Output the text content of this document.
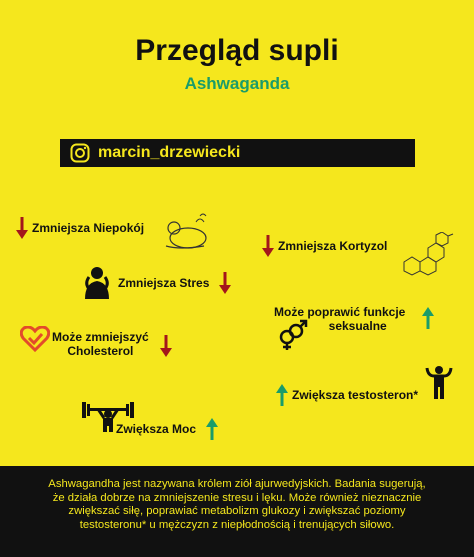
Przegląd supli
Ashwaganda
marcin_drzewiecki
Zmniejsza Niepokój
Zmniejsza Kortyzol
Zmniejsza Stres
Może poprawić funkcje
seksualne
Może zmniejszyć
Cholesterol
Zwiększa testosteron*
Zwiększa Moc
Ashwagandha jest nazywana królem ziół ajurwedyjskich. Badania sugerują,
że działa dobrze na zmniejszenie stresu i lęku. Może również nieznacznie
zwiększać siłę, poprawiać metabolizm glukozy i zwiększać poziomy
testosteronu* u mężczyzn z niepłodnością i trenujących siłowo.
